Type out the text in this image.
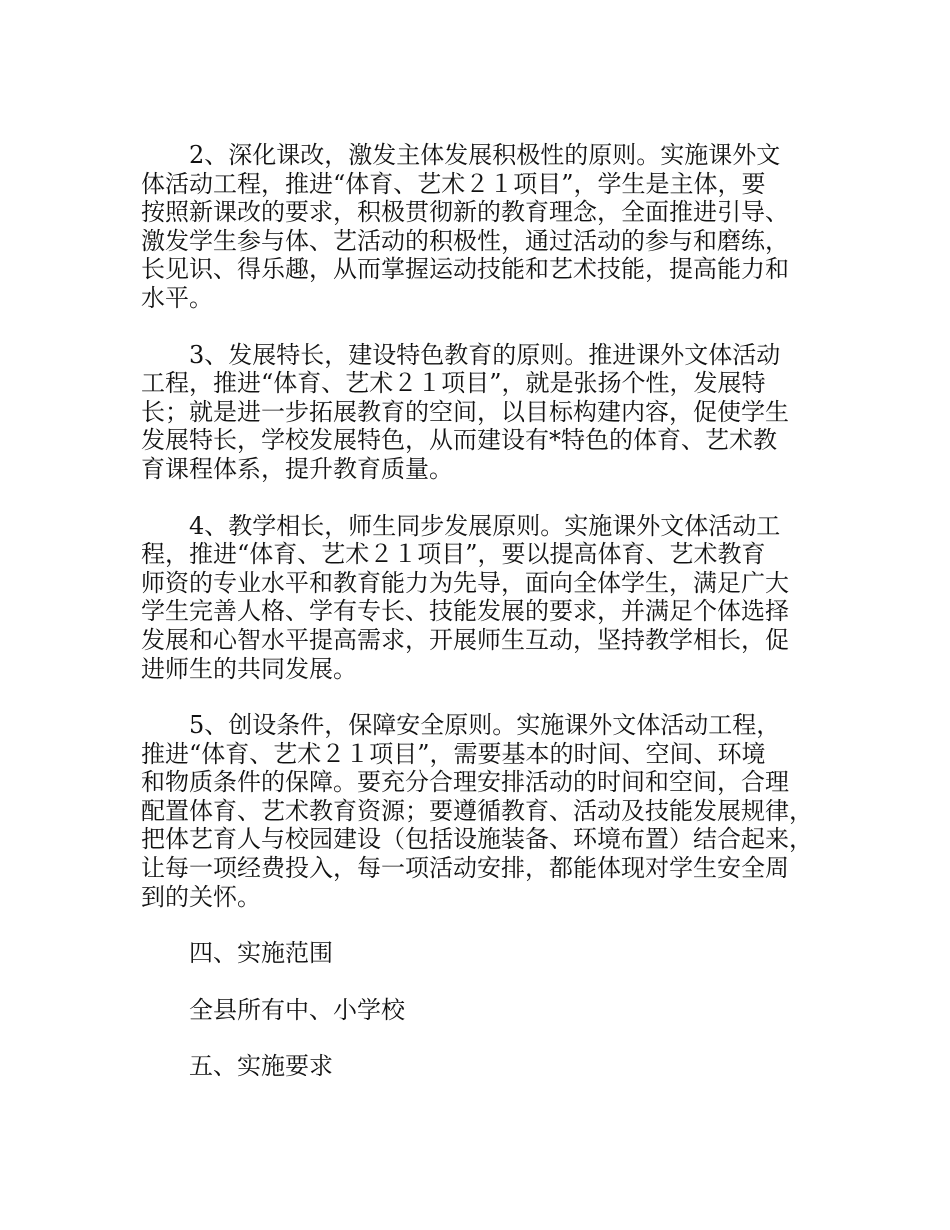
2、深化课改，激发主体发展积极性的原则。实施课外文
体活动工程，推进“体育、艺术２１项目”，学生是主体，要
按照新课改的要求，积极贯彻新的教育理念，全面推进引导、
激发学生参与体、艺活动的积极性，通过活动的参与和磨练，
长见识、得乐趣，从而掌握运动技能和艺术技能，提高能力和
水平。

3、发展特长，建设特色教育的原则。推进课外文体活动
工程，推进“体育、艺术２１项目”，就是张扬个性，发展特
长；就是进一步拓展教育的空间，以目标构建内容，促使学生
发展特长，学校发展特色，从而建设有*特色的体育、艺术教
育课程体系，提升教育质量。

4、教学相长，师生同步发展原则。实施课外文体活动工
程，推进“体育、艺术２１项目”，要以提高体育、艺术教育
师资的专业水平和教育能力为先导，面向全体学生，满足广大
学生完善人格、学有专长、技能发展的要求，并满足个体选择
发展和心智水平提高需求，开展师生互动，坚持教学相长，促
进师生的共同发展。

5、创设条件，保障安全原则。实施课外文体活动工程，
推进“体育、艺术２１项目”，需要基本的时间、空间、环境
和物质条件的保障。要充分合理安排活动的时间和空间，合理
配置体育、艺术教育资源；要遵循教育、活动及技能发展规律，
把体艺育人与校园建设（包括设施装备、环境布置）结合起来，
让每一项经费投入，每一项活动安排，都能体现对学生安全周
到的关怀。

四、实施范围

全县所有中、小学校

五、实施要求
